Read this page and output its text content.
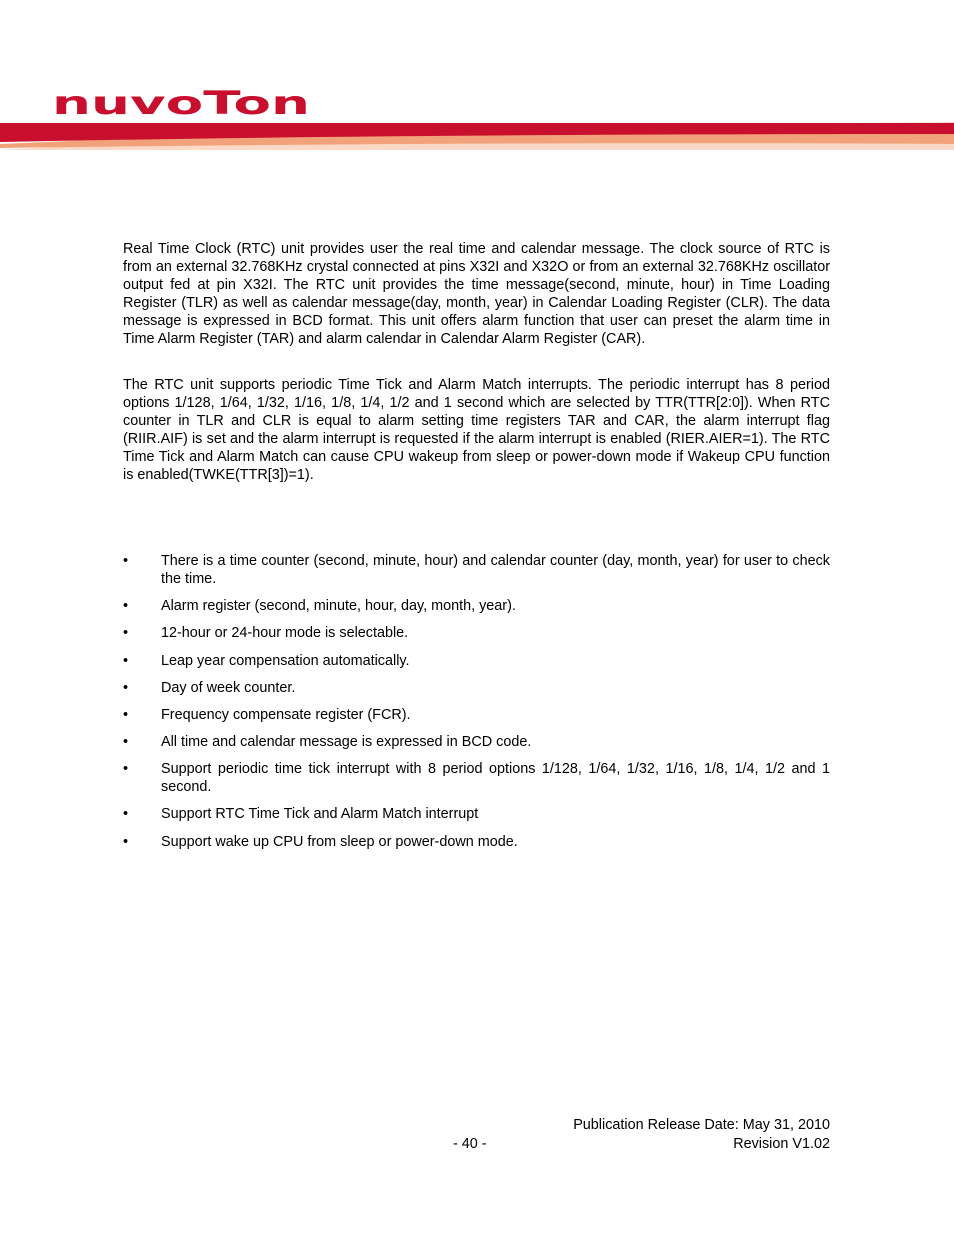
nuvoTon

Real Time Clock (RTC) unit provides user the real time and calendar message. The clock source of RTC is from an external 32.768KHz crystal connected at pins X32I and X32O or from an external 32.768KHz oscillator output fed at pin X32I. The RTC unit provides the time message(second, minute, hour) in Time Loading Register (TLR) as well as calendar message(day, month, year) in Calendar Loading Register (CLR). The data message is expressed in BCD format. This unit offers alarm function that user can preset the alarm time in Time Alarm Register (TAR) and alarm calendar in Calendar Alarm Register (CAR).

The RTC unit supports periodic Time Tick and Alarm Match interrupts. The periodic interrupt has 8 period options 1/128, 1/64, 1/32, 1/16, 1/8, 1/4, 1/2 and 1 second which are selected by TTR(TTR[2:0]). When RTC counter in TLR and CLR is equal to alarm setting time registers TAR and CAR, the alarm interrupt flag (RIIR.AIF) is set and the alarm interrupt is requested if the alarm interrupt is enabled (RIER.AIER=1). The RTC Time Tick and Alarm Match can cause CPU wakeup from sleep or power-down mode if Wakeup CPU function is enabled(TWKE(TTR[3])=1).

• There is a time counter (second, minute, hour) and calendar counter (day, month, year) for user to check the time.
• Alarm register (second, minute, hour, day, month, year).
• 12-hour or 24-hour mode is selectable.
• Leap year compensation automatically.
• Day of week counter.
• Frequency compensate register (FCR).
• All time and calendar message is expressed in BCD code.
• Support periodic time tick interrupt with 8 period options 1/128, 1/64, 1/32, 1/16, 1/8, 1/4, 1/2 and 1 second.
• Support RTC Time Tick and Alarm Match interrupt
• Support wake up CPU from sleep or power-down mode.
Publication Release Date: May 31, 2010
- 40 -	Revision V1.02
